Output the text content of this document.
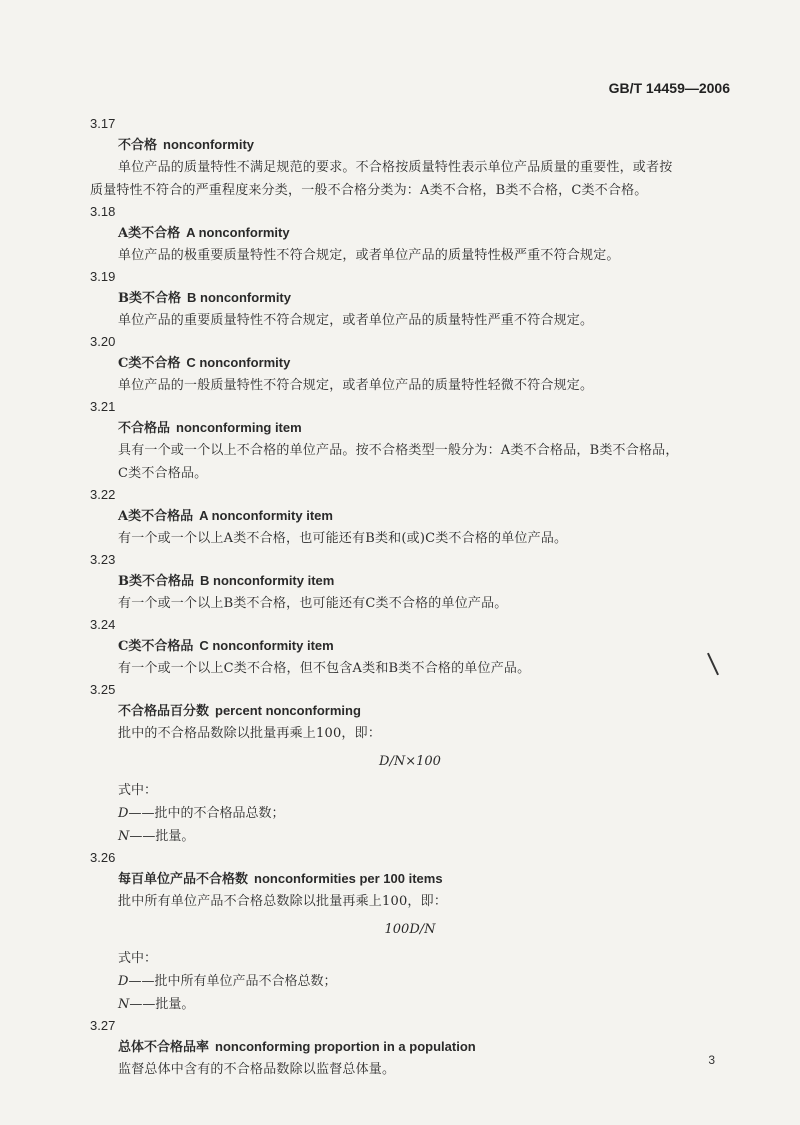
GB/T 14459—2006
3.17
不合格 nonconformity
单位产品的质量特性不满足规范的要求。不合格按质量特性表示单位产品质量的重要性，或者按
质量特性不符合的严重程度来分类，一般不合格分类为：A类不合格，B类不合格，C类不合格。
3.18
A类不合格 A nonconformity
单位产品的极重要质量特性不符合规定，或者单位产品的质量特性极严重不符合规定。
3.19
B类不合格 B nonconformity
单位产品的重要质量特性不符合规定，或者单位产品的质量特性严重不符合规定。
3.20
C类不合格 C nonconformity
单位产品的一般质量特性不符合规定，或者单位产品的质量特性轻微不符合规定。
3.21
不合格品 nonconforming item
具有一个或一个以上不合格的单位产品。按不合格类型一般分为：A类不合格品，B类不合格品，
C类不合格品。
3.22
A类不合格品 A nonconformity item
有一个或一个以上A类不合格，也可能还有B类和(或)C类不合格的单位产品。
3.23
B类不合格品 B nonconformity item
有一个或一个以上B类不合格，也可能还有C类不合格的单位产品。
3.24
C类不合格品 C nonconformity item
有一个或一个以上C类不合格，但不包含A类和B类不合格的单位产品。
3.25
不合格品百分数 percent nonconforming
批中的不合格品数除以批量再乘上100，即：
D/N×100
式中：
D——批中的不合格品总数；
N——批量。
3.26
每百单位产品不合格数 nonconformities per 100 items
批中所有单位产品不合格总数除以批量再乘上100，即：
100D/N
式中：
D——批中所有单位产品不合格总数；
N——批量。
3.27
总体不合格品率 nonconforming proportion in a population
监督总体中含有的不合格品数除以监督总体量。
3
